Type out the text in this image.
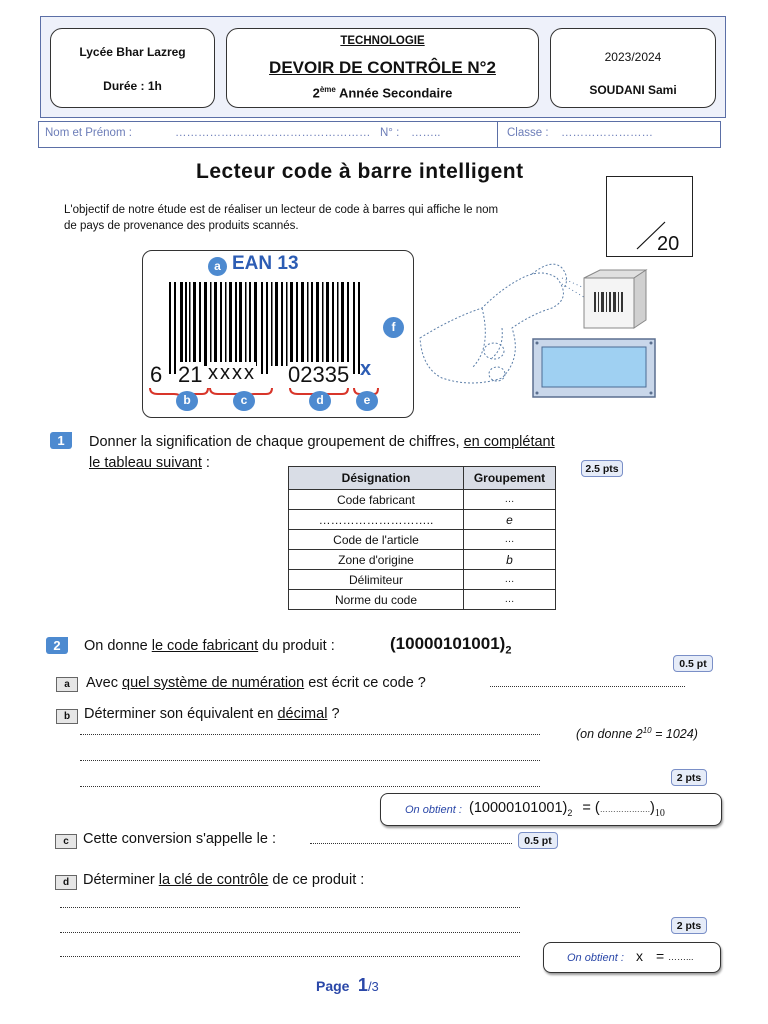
Lycée Bhar Lazreg
Durée : 1h
TECHNOLOGIE
DEVOIR DE CONTRÔLE N°2
2ème Année Secondaire
2023/2024
SOUDANI Sami
Nom et Prénom :	…………………………………………… N° : ……..	Classe : ……………………
Lecteur code à barre intelligent
L'objectif de notre étude est de réaliser un lecteur de code à barres qui affiche le nom de pays de provenance des produits scannés.
20
a EAN 13
f
6 21 xxxx 02335 x
b	c	d	e
1	Donner la signification de chaque groupement de chiffres, en complétant
le tableau suivant :	2.5 pts
Désignation	Groupement
Code fabricant	…
………………………..	e
Code de l'article	…
Zone d'origine	b
Délimiteur	…
Norme du code	…
2	On donne le code fabricant du produit :	$(10000101001)_2$
0.5 pt
a	Avec quel système de numération est écrit ce code ?
b Déterminer son équivalent en décimal ?
(on donne $2^{10} = 1024$)
2 pts
On obtient : $(10000101001)_2$ = $(\dots\dots\dots\dots\dots\dots.)_{10}$
c Cette conversion s'appelle le :	0.5 pt
d Déterminer la clé de contrôle de ce produit :
2 pts
On obtient : x = ……...
Page 1/3
